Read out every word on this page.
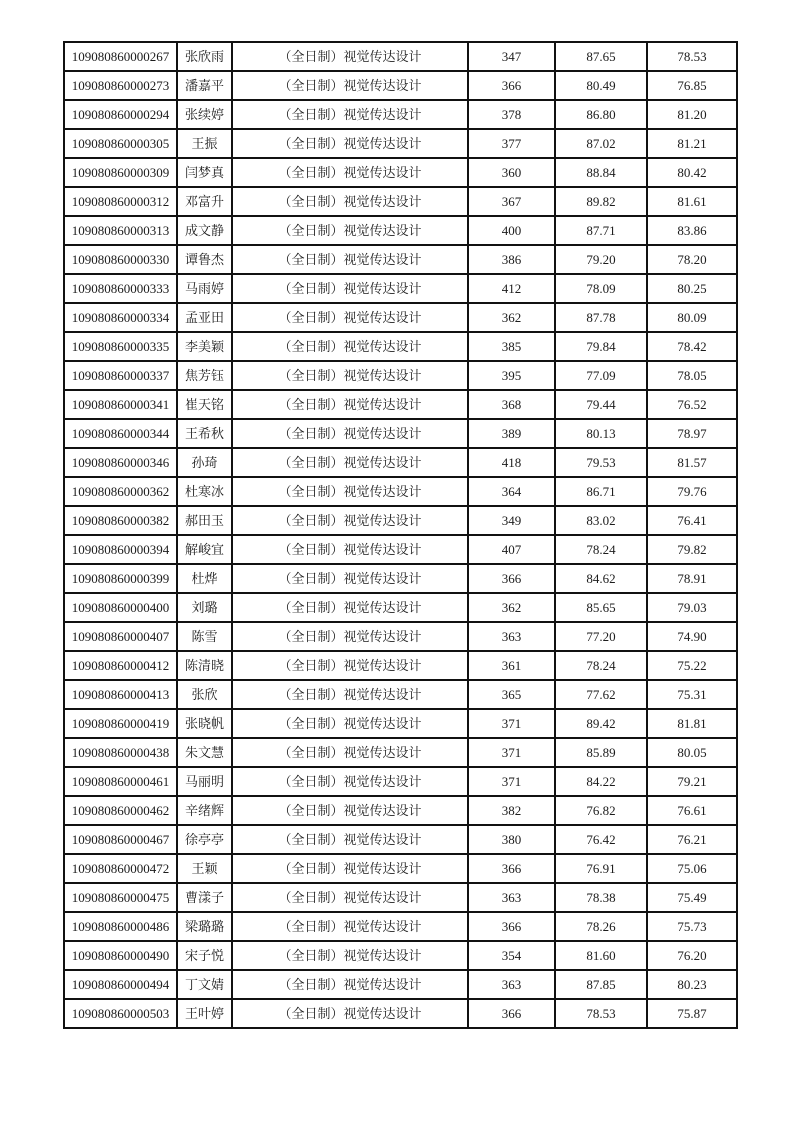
109080860000267	张欣雨	（全日制）视觉传达设计	347	87.65	78.53
109080860000273	潘嘉平	（全日制）视觉传达设计	366	80.49	76.85
109080860000294	张续婷	（全日制）视觉传达设计	378	86.80	81.20
109080860000305	王振	（全日制）视觉传达设计	377	87.02	81.21
109080860000309	闫梦真	（全日制）视觉传达设计	360	88.84	80.42
109080860000312	邓富升	（全日制）视觉传达设计	367	89.82	81.61
109080860000313	成文静	（全日制）视觉传达设计	400	87.71	83.86
109080860000330	谭鲁杰	（全日制）视觉传达设计	386	79.20	78.20
109080860000333	马雨婷	（全日制）视觉传达设计	412	78.09	80.25
109080860000334	孟亚田	（全日制）视觉传达设计	362	87.78	80.09
109080860000335	李美颖	（全日制）视觉传达设计	385	79.84	78.42
109080860000337	焦芳钰	（全日制）视觉传达设计	395	77.09	78.05
109080860000341	崔天铭	（全日制）视觉传达设计	368	79.44	76.52
109080860000344	王希秋	（全日制）视觉传达设计	389	80.13	78.97
109080860000346	孙琦	（全日制）视觉传达设计	418	79.53	81.57
109080860000362	杜寒冰	（全日制）视觉传达设计	364	86.71	79.76
109080860000382	郝田玉	（全日制）视觉传达设计	349	83.02	76.41
109080860000394	解峻宜	（全日制）视觉传达设计	407	78.24	79.82
109080860000399	杜烨	（全日制）视觉传达设计	366	84.62	78.91
109080860000400	刘璐	（全日制）视觉传达设计	362	85.65	79.03
109080860000407	陈雪	（全日制）视觉传达设计	363	77.20	74.90
109080860000412	陈清晓	（全日制）视觉传达设计	361	78.24	75.22
109080860000413	张欣	（全日制）视觉传达设计	365	77.62	75.31
109080860000419	张晓帆	（全日制）视觉传达设计	371	89.42	81.81
109080860000438	朱文慧	（全日制）视觉传达设计	371	85.89	80.05
109080860000461	马丽明	（全日制）视觉传达设计	371	84.22	79.21
109080860000462	辛绪辉	（全日制）视觉传达设计	382	76.82	76.61
109080860000467	徐亭亭	（全日制）视觉传达设计	380	76.42	76.21
109080860000472	王颖	（全日制）视觉传达设计	366	76.91	75.06
109080860000475	曹漾子	（全日制）视觉传达设计	363	78.38	75.49
109080860000486	梁璐璐	（全日制）视觉传达设计	366	78.26	75.73
109080860000490	宋子悦	（全日制）视觉传达设计	354	81.60	76.20
109080860000494	丁文婧	（全日制）视觉传达设计	363	87.85	80.23
109080860000503	王叶婷	（全日制）视觉传达设计	366	78.53	75.87
